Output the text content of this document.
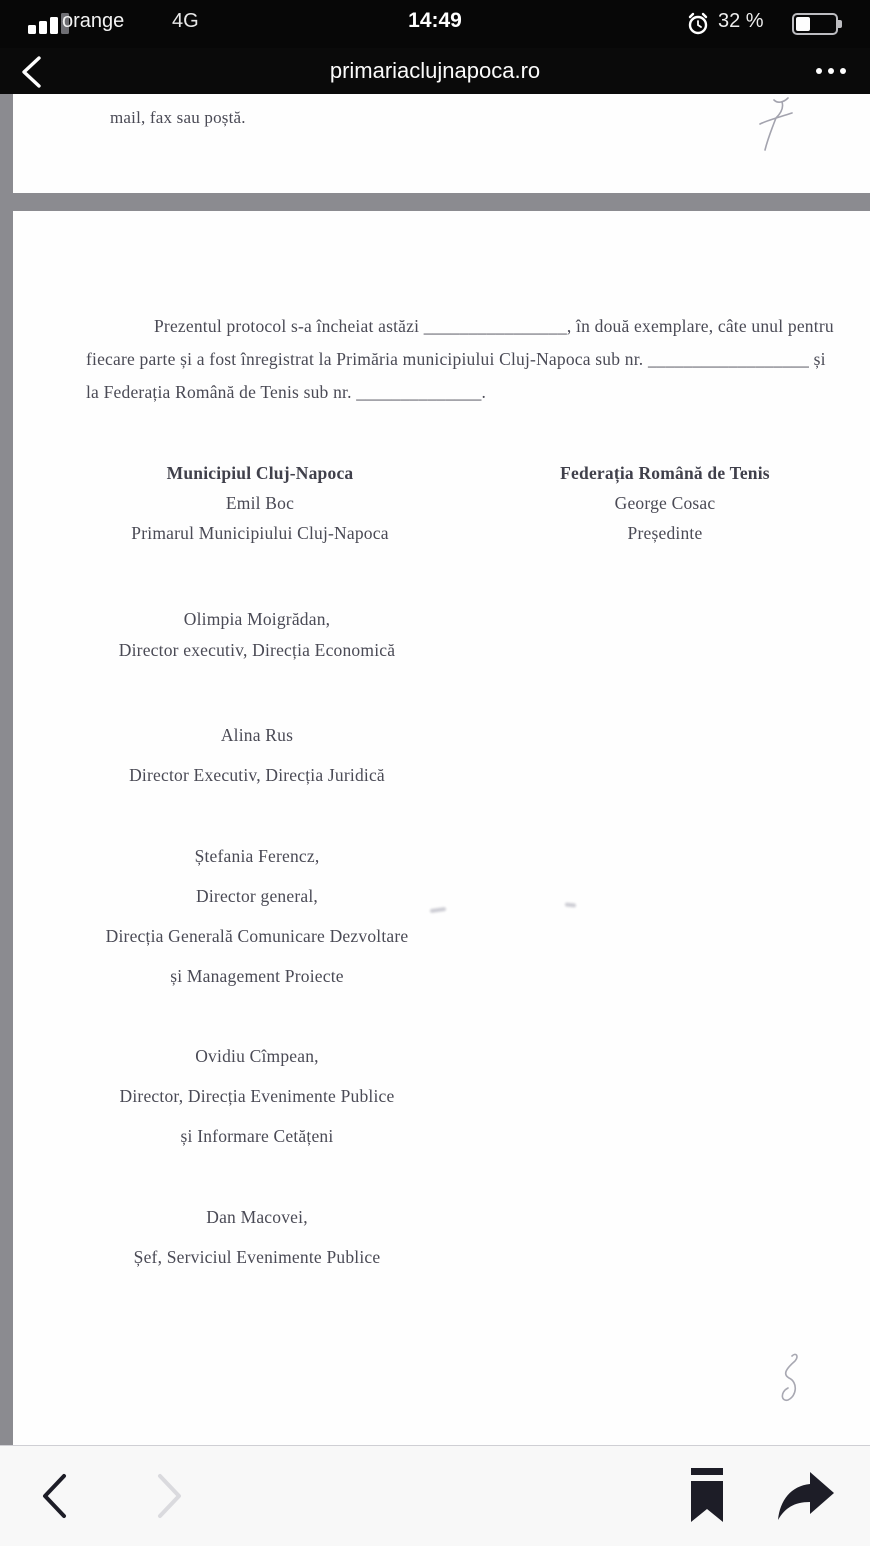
orange 4G	14:49	32 %
primariaclujnapoca.ro
mail, fax sau poștă.
Prezentul protocol s-a încheiat astăzi ________________, în două exemplare, câte unul pentru
fiecare parte și a fost înregistrat la Primăria municipiului Cluj-Napoca sub nr. __________________ și
la Federația Română de Tenis sub nr. ______________.
Municipiul Cluj-Napoca
Emil Boc
Primarul Municipiului Cluj-Napoca
Federația Română de Tenis
George Cosac
Președinte
Olimpia Moigrădan,
Director executiv, Direcția Economică
Alina Rus
Director Executiv, Direcția Juridică
Ștefania Ferencz,
Director general,
Direcția Generală Comunicare Dezvoltare
și Management Proiecte
Ovidiu Cîmpean,
Director, Direcția Evenimente Publice
și Informare Cetățeni
Dan Macovei,
Șef, Serviciul Evenimente Publice
